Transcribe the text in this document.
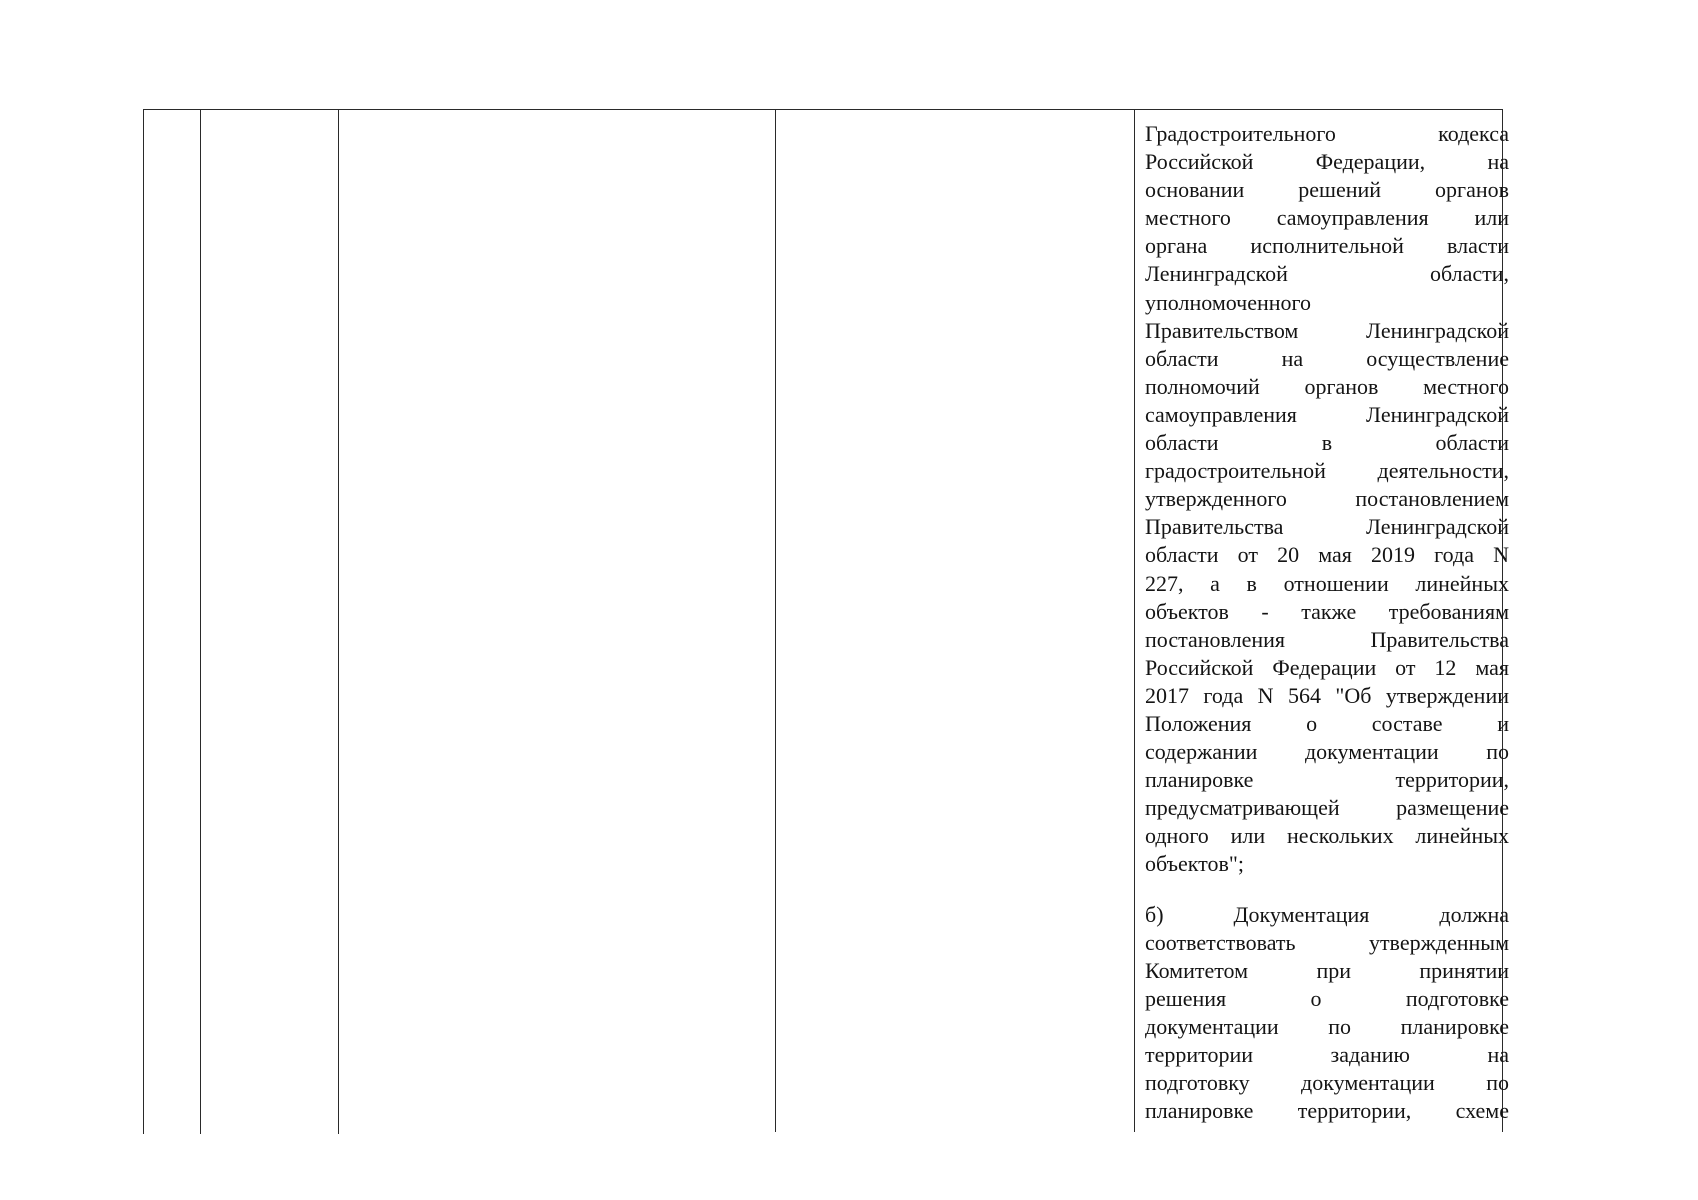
Градостроительного кодекса
Российской Федерации, на
основании решений органов
местного самоуправления или
органа исполнительной власти
Ленинградской области,
уполномоченного
Правительством Ленинградской
области на осуществление
полномочий органов местного
самоуправления Ленинградской
области в области
градостроительной деятельности,
утвержденного постановлением
Правительства Ленинградской
области от 20 мая 2019 года N
227, а в отношении линейных
объектов - также требованиям
постановления Правительства
Российской Федерации от 12 мая
2017 года N 564 "Об утверждении
Положения о составе и
содержании документации по
планировке территории,
предусматривающей размещение
одного или нескольких линейных
объектов";
б) Документация должна
соответствовать утвержденным
Комитетом при принятии
решения о подготовке
документации по планировке
территории заданию на
подготовку документации по
планировке территории, схеме
